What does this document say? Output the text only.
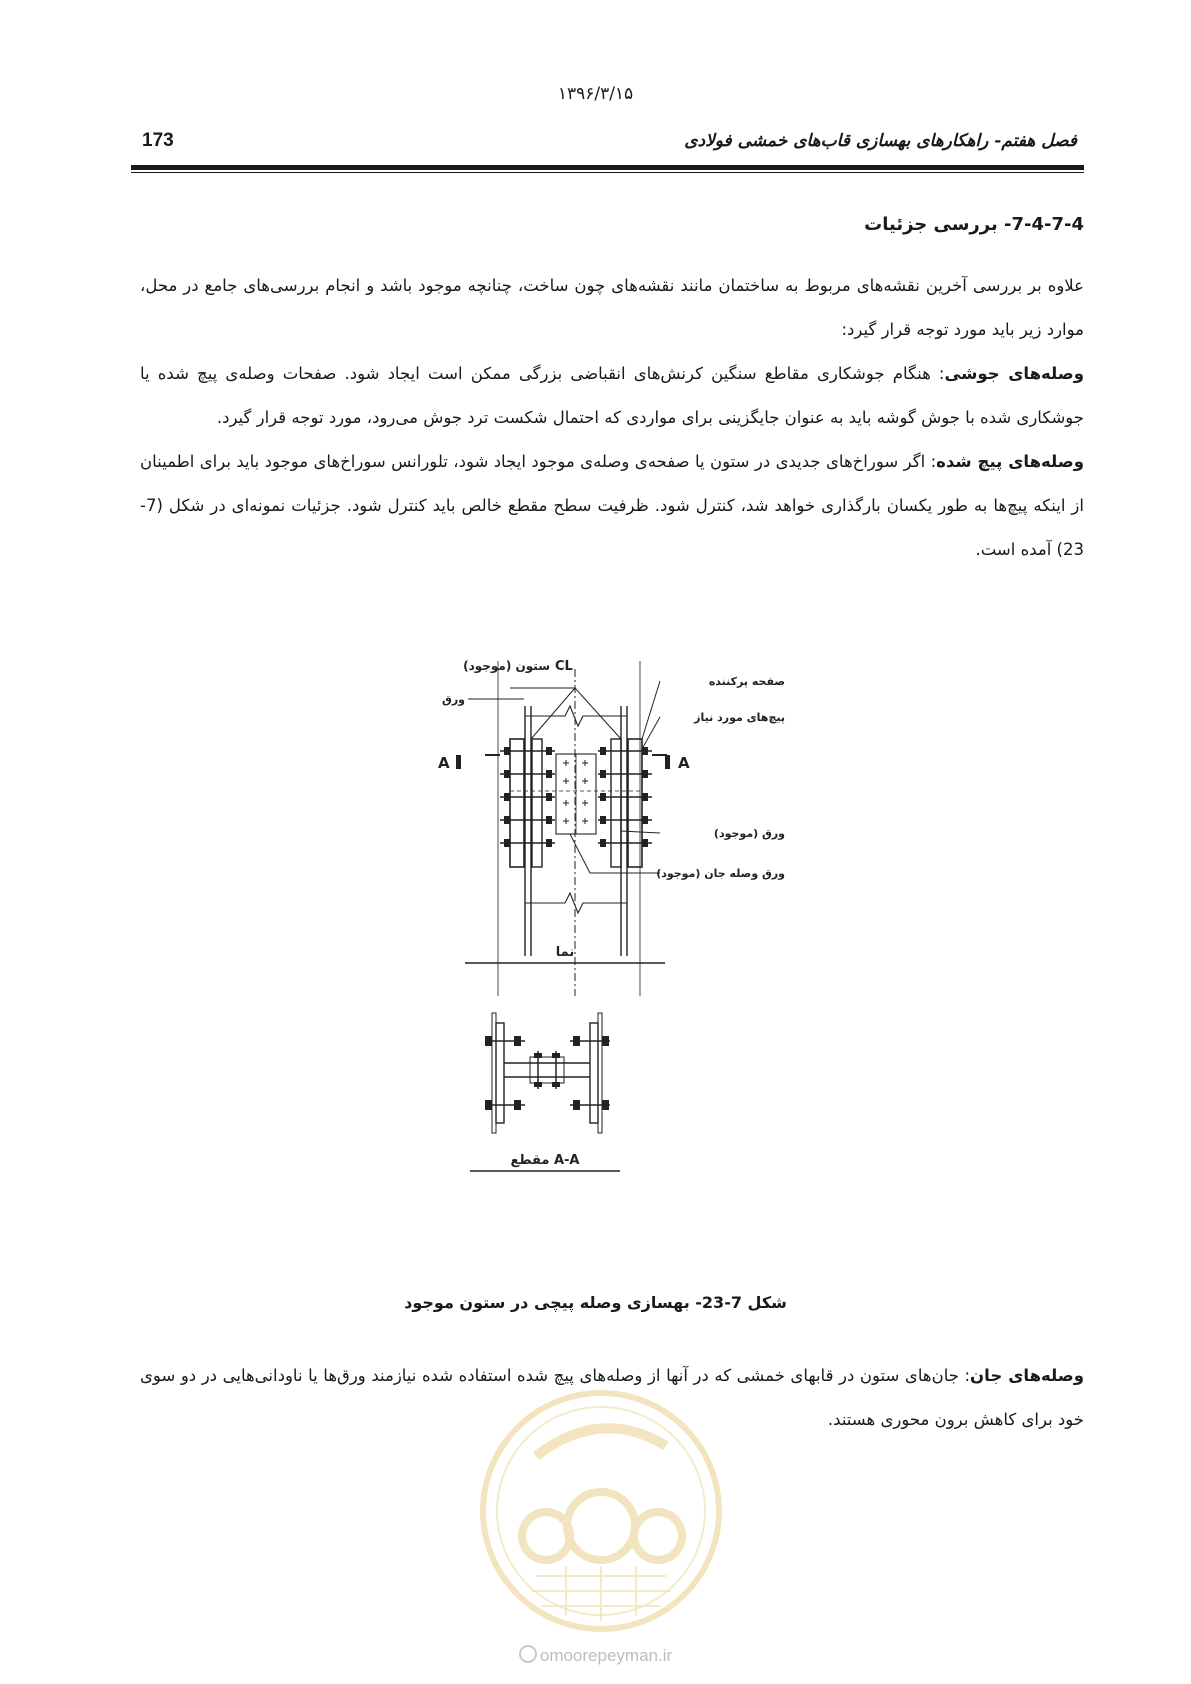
۱۳۹۶/۳/۱۵
173	فصل هفتم- راهکارهای بهسازی قاب‌های خمشی فولادی
7-4-7-4- بررسی جزئیات

علاوه بر بررسی آخرین نقشه‌های مربوط به ساختمان مانند نقشه‌های چون ساخت، چنانچه موجود باشد و انجام بررسی‌های جامع در محل، موارد زیر باید مورد توجه قرار گیرد:

وصله‌های جوشی: هنگام جوشکاری مقاطع سنگین کرنش‌های انقباضی بزرگی ممکن است ایجاد شود. صفحات وصله‌ی پیچ شده یا جوشکاری شده با جوش گوشه باید به عنوان جایگزینی برای مواردی که احتمال شکست ترد جوش می‌رود، مورد توجه قرار گیرد.

وصله‌های پیچ شده: اگر سوراخ‌های جدیدی در ستون یا صفحه‌ی وصله‌ی موجود ایجاد شود، تلورانس سوراخ‌های موجود باید برای اطمینان از اینکه پیچ‌ها به طور یکسان بارگذاری خواهد شد، کنترل شود. ظرفیت سطح مقطع خالص باید کنترل شود. جزئیات نمونه‌ای در شکل (7-23) آمده است.

ستون (موجود) CL
A	A
صفحه پرکننده
پیچ‌های مورد نیاز
ورق (موجود)
ورق وصله جان (موجود)
ورق
نما
مقطع A-A
شکل 7-23- بهسازی وصله پیچی در ستون موجود

وصله‌های جان: جان‌های ستون در قابهای خمشی که در آنها از وصله‌های پیچ شده استفاده شده نیازمند ورق‌ها یا ناودانی‌هایی در دو سوی خود برای کاهش برون محوری هستند.

omoorepeyman.ir
